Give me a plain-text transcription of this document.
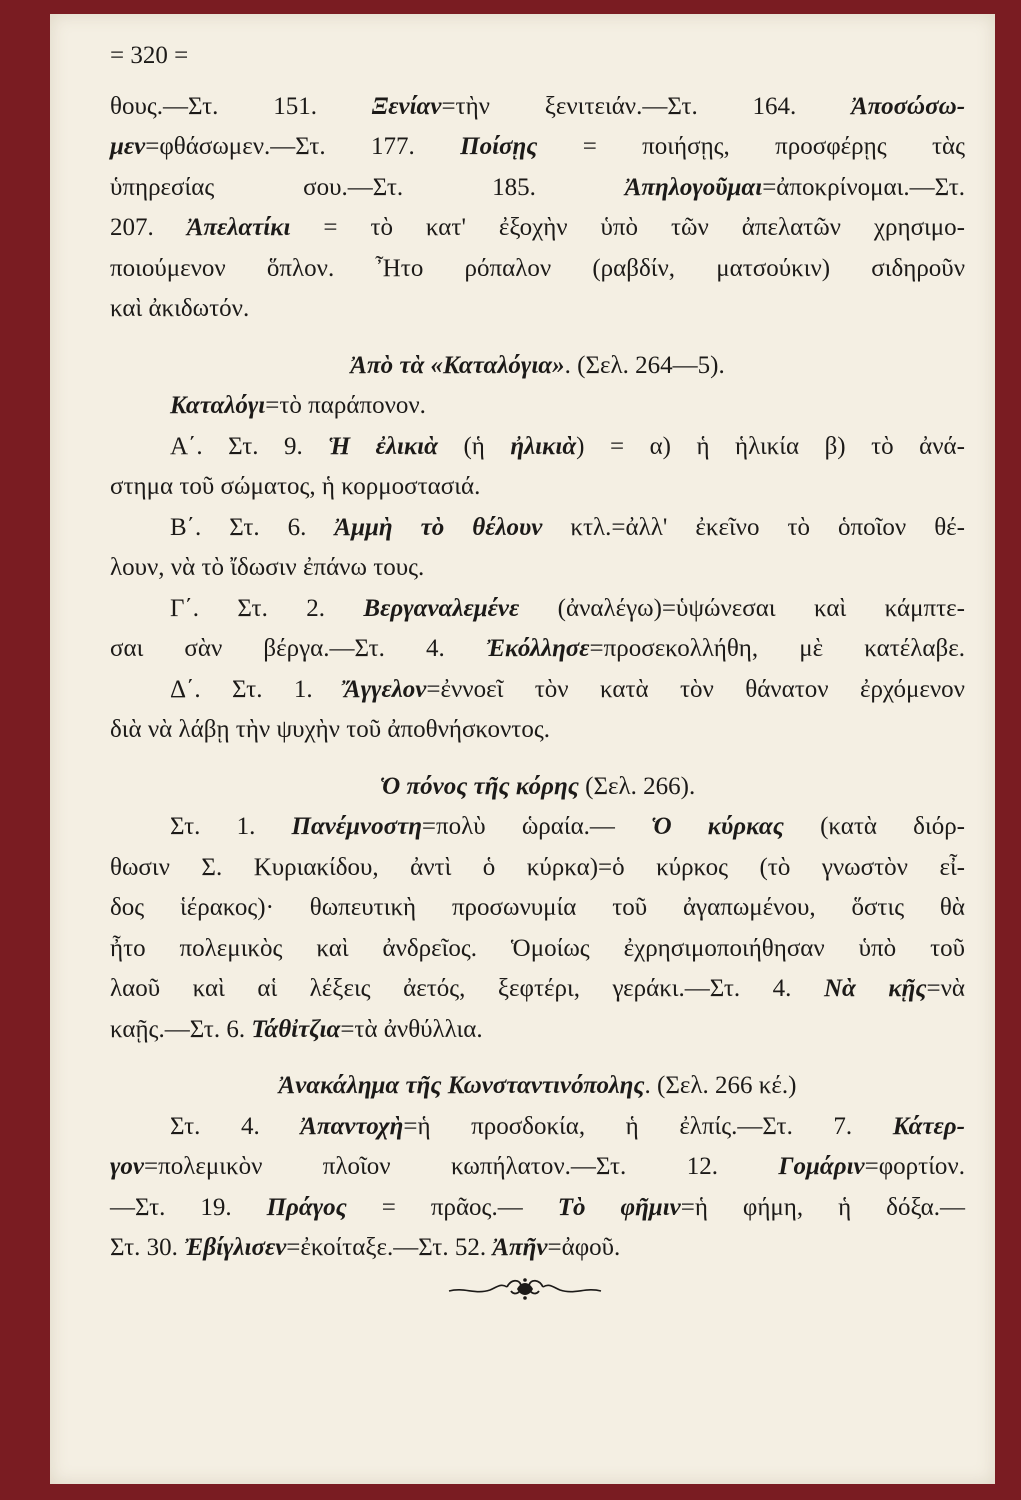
= 320 =
θους.—Στ. 151. Ξενίαν=τὴν ξενιτειάν.—Στ. 164. Ἀποσώσω-
μεν=φθάσωμεν.—Στ. 177. Ποίσῃς = ποιήσῃς, προσφέρῃς τὰς
ὑπηρεσίας σου.—Στ. 185. Ἀπηλογοῦμαι=ἀποκρίνομαι.—Στ.
207. Ἀπελατίκι = τὸ κατ' ἐξοχὴν ὑπὸ τῶν ἀπελατῶν χρησιμο-
ποιούμενον ὅπλον. Ἦτο ρόπαλον (ραβδίν, ματσούκιν) σιδηροῦν
καὶ ἀκιδωτόν.
Ἀπὸ τὰ «Καταλόγια». (Σελ. 264—5).
Καταλόγι=τὸ παράπονον.
Α΄. Στ. 9. Ἡ ἐλικιὰ (ἡ ἠλικιὰ) = α) ἡ ἡλικία β) τὸ ἀνά-
στημα τοῦ σώματος, ἡ κορμοστασιά.
Β΄. Στ. 6. Ἀμμὴ τὸ θέλουν κτλ.=ἀλλ' ἐκεῖνο τὸ ὁποῖον θέ-
λουν, νὰ τὸ ἴδωσιν ἐπάνω τους.
Γ΄. Στ. 2. Βεργαναλεμένε (ἀναλέγω)=ὑψώνεσαι καὶ κάμπτε-
σαι σὰν βέργα.—Στ. 4. Ἐκόλλησε=προσεκολλήθη, μὲ κατέλαβε.
Δ΄. Στ. 1. Ἄγγελον=ἐννοεῖ τὸν κατὰ τὸν θάνατον ἐρχόμενον
διὰ νὰ λάβῃ τὴν ψυχὴν τοῦ ἀποθνήσκοντος.
Ὁ πόνος τῆς κόρης (Σελ. 266).
Στ. 1. Πανέμνοστη=πολὺ ὡραία.— Ὁ κύρκας (κατὰ διόρ-
θωσιν Σ. Κυριακίδου, ἀντὶ ὁ κύρκα)=ὁ κύρκος (τὸ γνωστὸν εἶ-
δος ἱέρακος)· θωπευτικὴ προσωνυμία τοῦ ἀγαπωμένου, ὅστις θὰ
ἦτο πολεμικὸς καὶ ἀνδρεῖος. Ὁμοίως ἐχρησιμοποιήθησαν ὑπὸ τοῦ
λαοῦ καὶ αἱ λέξεις ἀετός, ξεφτέρι, γεράκι.—Στ. 4. Νὰ κῇς=νὰ
καῇς.—Στ. 6. Τάθἰτζια=τὰ ἀνθύλλια.
Ἀνακάλημα τῆς Κωνσταντινόπολης. (Σελ. 266 κέ.)
Στ. 4. Ἀπαντοχὴ=ἡ προσδοκία, ἡ ἐλπίς.—Στ. 7. Κάτερ-
γον=πολεμικὸν πλοῖον κωπήλατον.—Στ. 12. Γομάριν=φορτίον.
—Στ. 19. Πράγος = πρᾶος.— Τὸ φῆμιν=ἡ φήμη, ἡ δόξα.—
Στ. 30. Ἐβίγλισεν=ἐκοίταξε.—Στ. 52. Ἀπῆν=ἀφοῦ.
